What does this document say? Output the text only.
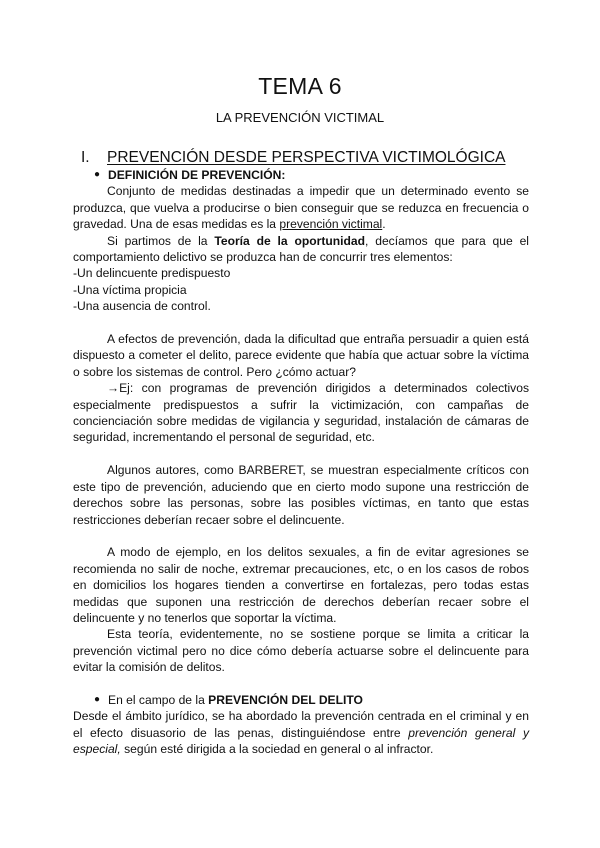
TEMA 6
LA PREVENCIÓN VICTIMAL
I. PREVENCIÓN DESDE PERSPECTIVA VICTIMOLÓGICA

● DEFINICIÓN DE PREVENCIÓN:

Conjunto de medidas destinadas a impedir que un determinado evento se produzca, que vuelva a producirse o bien conseguir que se reduzca en frecuencia o gravedad. Una de esas medidas es la prevención victimal.

Si partimos de la Teoría de la oportunidad, decíamos que para que el comportamiento delictivo se produzca han de concurrir tres elementos:

-Un delincuente predispuesto

-Una víctima propicia

-Una ausencia de control.

A efectos de prevención, dada la dificultad que entraña persuadir a quien está dispuesto a cometer el delito, parece evidente que había que actuar sobre la víctima o sobre los sistemas de control. Pero ¿cómo actuar?

→Ej: con programas de prevención dirigidos a determinados colectivos especialmente predispuestos a sufrir la victimización, con campañas de concienciación sobre medidas de vigilancia y seguridad, instalación de cámaras de seguridad, incrementando el personal de seguridad, etc.

Algunos autores, como BARBERET, se muestran especialmente críticos con este tipo de prevención, aduciendo que en cierto modo supone una restricción de derechos sobre las personas, sobre las posibles víctimas, en tanto que estas restricciones deberían recaer sobre el delincuente.

A modo de ejemplo, en los delitos sexuales, a fin de evitar agresiones se recomienda no salir de noche, extremar precauciones, etc, o en los casos de robos en domicilios los hogares tienden a convertirse en fortalezas, pero todas estas medidas que suponen una restricción de derechos deberían recaer sobre el delincuente y no tenerlos que soportar la víctima.

Esta teoría, evidentemente, no se sostiene porque se limita a criticar la prevención victimal pero no dice cómo debería actuarse sobre el delincuente para evitar la comisión de delitos.

● En el campo de la PREVENCIÓN DEL DELITO

Desde el ámbito jurídico, se ha abordado la prevención centrada en el criminal y en el efecto disuasorio de las penas, distinguiéndose entre prevención general y especial, según esté dirigida a la sociedad en general o al infractor.
